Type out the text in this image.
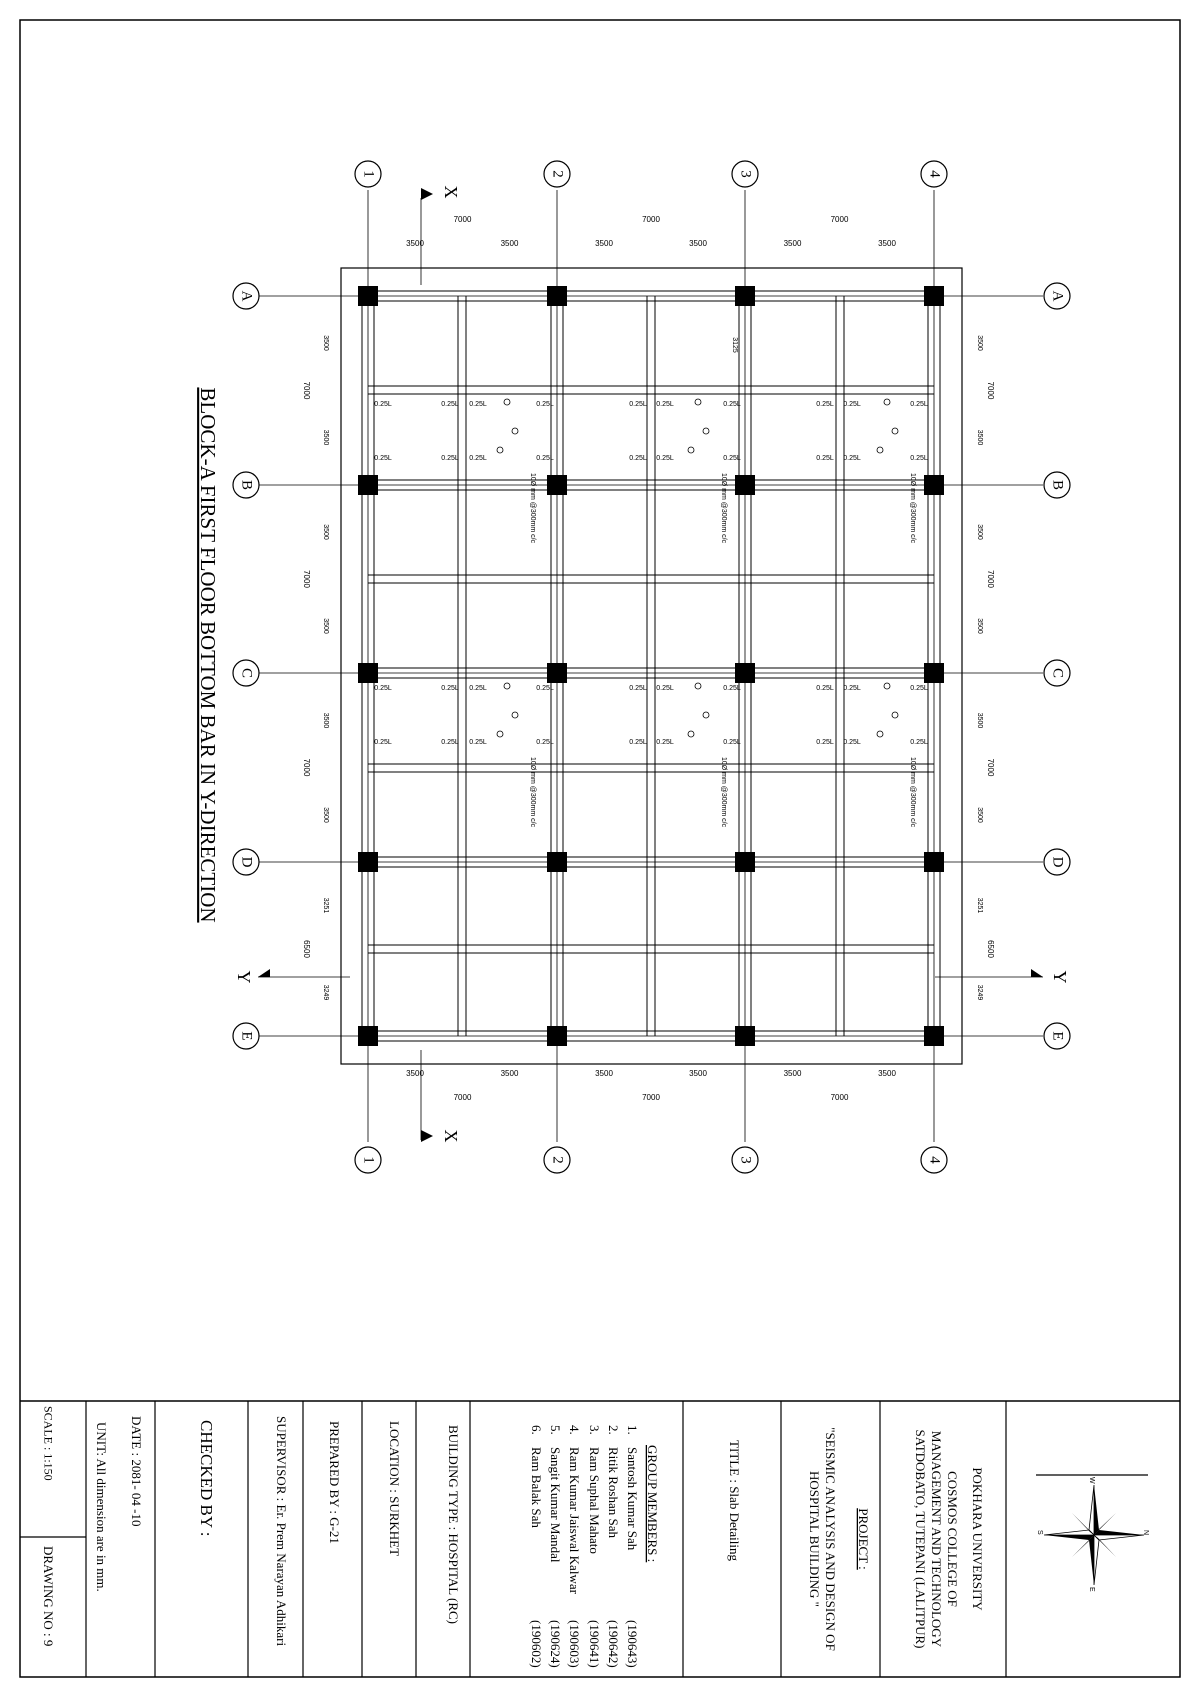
1
1
2
2
3
3
4
4
A	A
B	B
C	C
D	D
E	E
7000
7000
7000
7000
7000
7000
3500
3500
3500
3500
3500
3500
3500
3500
3500
3500
3500
3500
7000	7000
7000	7000
7000	7000
6500	6500
3500	3500
3500	3500
3500	3500
3500	3500
3500	3500
3500	3500
3251	3251
3249	3249
3125
0.25L	0.25L 0.25L	0.25L	0.25L 0.25L	0.25L	0.25L 0.25L	0.25L
0.25L	0.25L 0.25L	0.25L	0.25L 0.25L	0.25L	0.25L 0.25L	0.25L
0.25L	0.25L 0.25L	0.25L	0.25L 0.25L	0.25L	0.25L 0.25L	0.25L
0.25L	0.25L 0.25L	0.25L	0.25L 0.25L	0.25L	0.25L 0.25L	0.25L
10Ø mm @300mm c/c	10Ø mm @300mm c/c	10Ø mm @300mm c/c
10Ø mm @300mm c/c	10Ø mm @300mm c/c	10Ø mm @300mm c/c
X
X
Y	Y
BLOCK-A FIRST FLOOR BOTTOM BAR IN Y-DIRECTION
N
S
E
W
POKHARA UNIVERSITY
COSMOS COLLEGE OF
MANAGEMENT AND TECHNOLOGY
SATDOBATO, TUTEPANI (LALITPUR)
PROJECT :
"SEISMIC ANALYSIS AND DESIGN OF
HOSPITAL BUILDING "
TITLE : Slab Detailing
GROUP MEMBERS :
1.
Santosh Kumar Sah
(190643)
2.
Ritik Roshan Sah
(190642)
3.
Ram Suphal Mahato
(190641)
4.
Ram Kumar Jaiswal Kalwar
(190603)
5.
Sangit Kumar Mandal
(190624)
6.
Ram Balak Sah
(190602)
BUILDING TYPE : HOSPITAL (RC)
LOCATION : SURKHET
PREPARED BY : G-21
SUPERVISOR : Er. Prem Narayan Adhikari
CHECKED BY :
DATE : 2081- 04 -10
UNIT: All dimension are in mm.
SCALE : 1:150
DRAWING NO : 9
